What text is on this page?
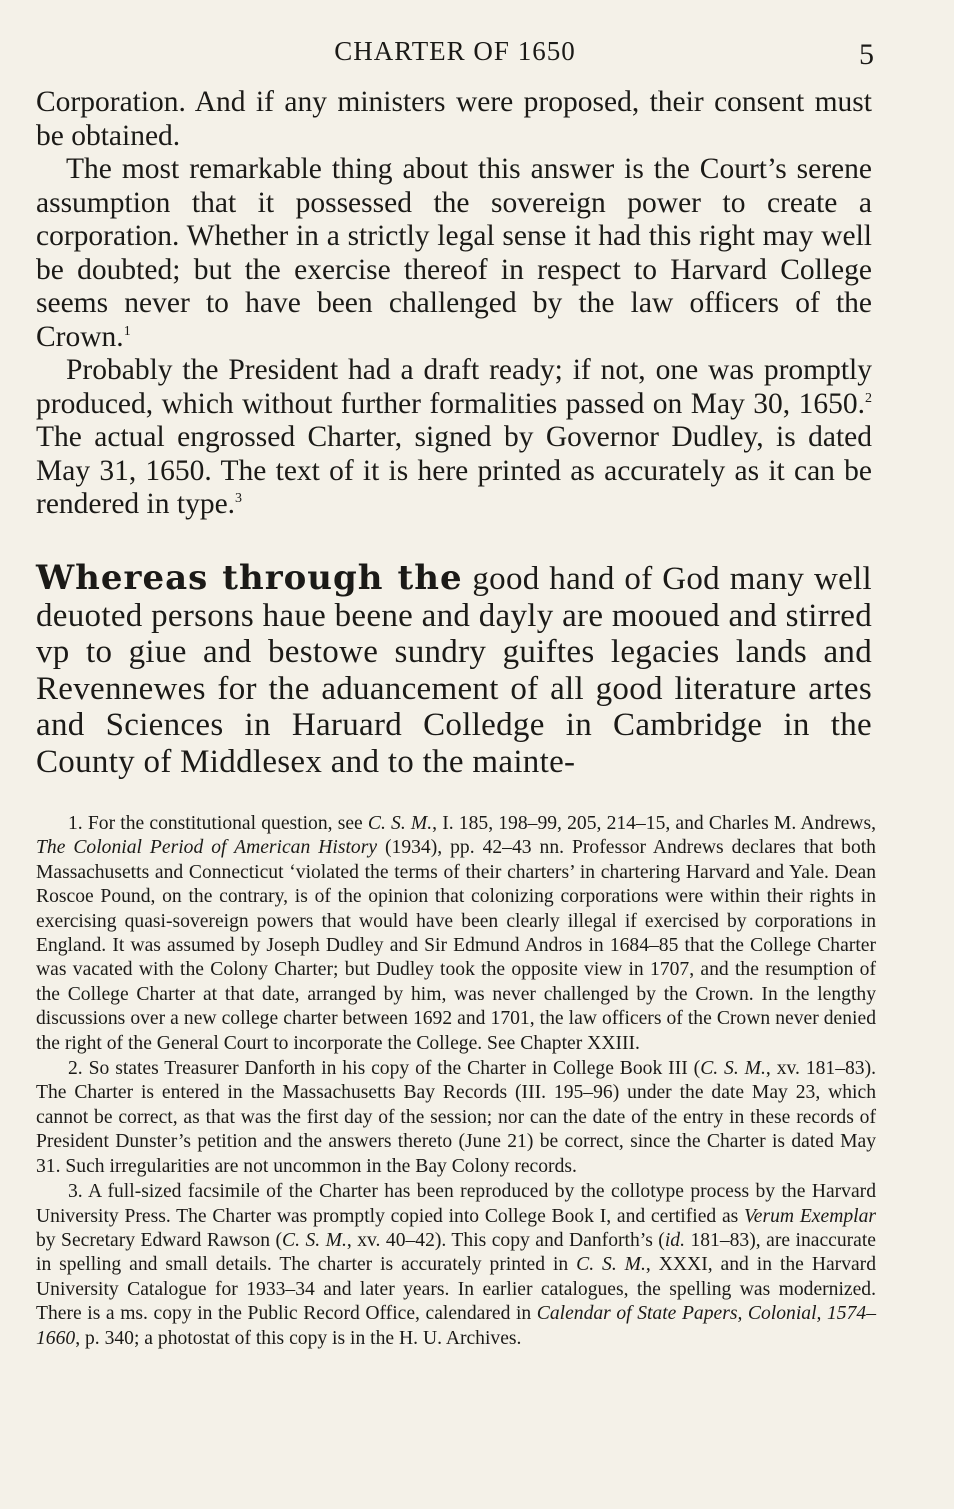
CHARTER OF 1650	5

Corporation. And if any ministers were proposed, their consent must be obtained.

The most remarkable thing about this answer is the Court’s serene assumption that it possessed the sovereign power to create a corporation. Whether in a strictly legal sense it had this right may well be doubted; but the exercise thereof in respect to Harvard College seems never to have been challenged by the law officers of the Crown.$^1$

Probably the President had a draft ready; if not, one was promptly produced, which without further formalities passed on May 30, 1650.$^2$ The actual engrossed Charter, signed by Governor Dudley, is dated May 31, 1650. The text of it is here printed as accurately as it can be rendered in type.$^3$

Whereas through the good hand of God many well deuoted persons haue beene and dayly are mooued and stirred vp to giue and bestowe sundry guiftes legacies lands and Revennewes for the aduancement of all good literature artes and Sciences in Haruard Colledge in Cambridge in the County of Middlesex and to the mainte-

1. For the constitutional question, see C. S. M., I. 185, 198–99, 205, 214–15, and Charles M. Andrews, The Colonial Period of American History (1934), pp. 42–43 nn. Professor Andrews declares that both Massachusetts and Connecticut ‘violated the terms of their charters’ in chartering Harvard and Yale. Dean Roscoe Pound, on the contrary, is of the opinion that colonizing corporations were within their rights in exercising quasi-sovereign powers that would have been clearly illegal if exercised by corporations in England. It was assumed by Joseph Dudley and Sir Edmund Andros in 1684–85 that the College Charter was vacated with the Colony Charter; but Dudley took the opposite view in 1707, and the resumption of the College Charter at that date, arranged by him, was never challenged by the Crown. In the lengthy discussions over a new college charter between 1692 and 1701, the law officers of the Crown never denied the right of the General Court to incorporate the College. See Chapter XXIII.

2. So states Treasurer Danforth in his copy of the Charter in College Book III (C. S. M., xv. 181–83). The Charter is entered in the Massachusetts Bay Records (III. 195–96) under the date May 23, which cannot be correct, as that was the first day of the session; nor can the date of the entry in these records of President Dunster’s petition and the answers thereto (June 21) be correct, since the Charter is dated May 31. Such irregularities are not uncommon in the Bay Colony records.

3. A full-sized facsimile of the Charter has been reproduced by the collotype process by the Harvard University Press. The Charter was promptly copied into College Book I, and certified as Verum Exemplar by Secretary Edward Rawson (C. S. M., xv. 40–42). This copy and Danforth’s (id. 181–83), are inaccurate in spelling and small details. The charter is accurately printed in C. S. M., XXXI, and in the Harvard University Catalogue for 1933–34 and later years. In earlier catalogues, the spelling was modernized. There is a ms. copy in the Public Record Office, calendared in Calendar of State Papers, Colonial, 1574–1660, p. 340; a photostat of this copy is in the H. U. Archives.
